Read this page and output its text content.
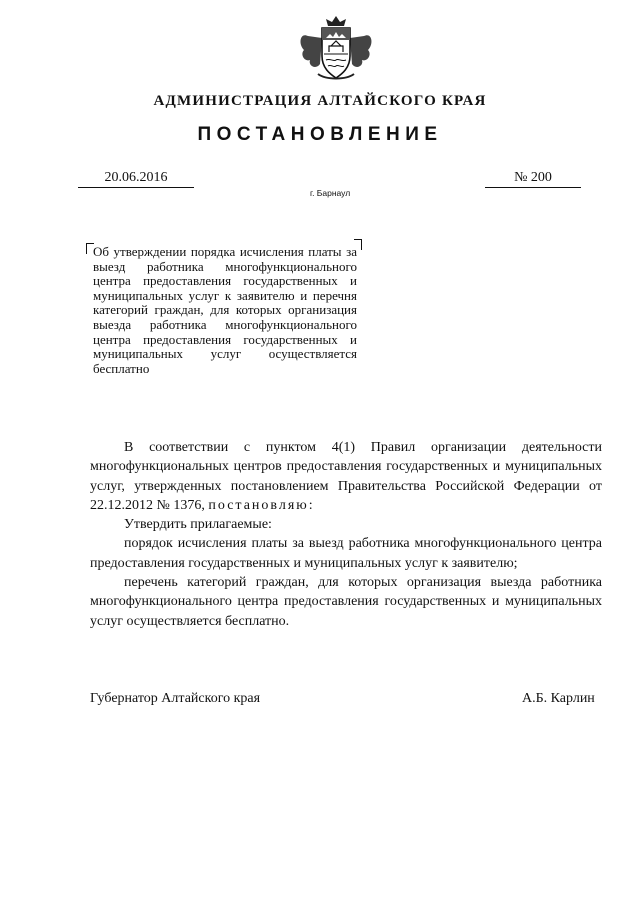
АДМИНИСТРАЦИЯ АЛТАЙСКОГО КРАЯ
ПОСТАНОВЛЕНИЕ
20.06.2016	№ 200
г. Барнаул
Об утверждении порядка исчисления платы за выезд работника многофункционального центра предоставления государственных и муниципальных услуг к заявителю и перечня категорий граждан, для которых организация выезда работника многофункционального центра предоставления государственных и муниципальных услуг осуществляется бесплатно

В соответствии с пунктом 4(1) Правил организации деятельности многофункциональных центров предоставления государственных и муниципальных услуг, утвержденных постановлением Правительства Российской Федерации от 22.12.2012 № 1376, постановляю:

Утвердить прилагаемые:

порядок исчисления платы за выезд работника многофункционального центра предоставления государственных и муниципальных услуг к заявителю;

перечень категорий граждан, для которых организация выезда работника многофункционального центра предоставления государственных и муниципальных услуг осуществляется бесплатно.

Губернатор Алтайского края	А.Б. Карлин
